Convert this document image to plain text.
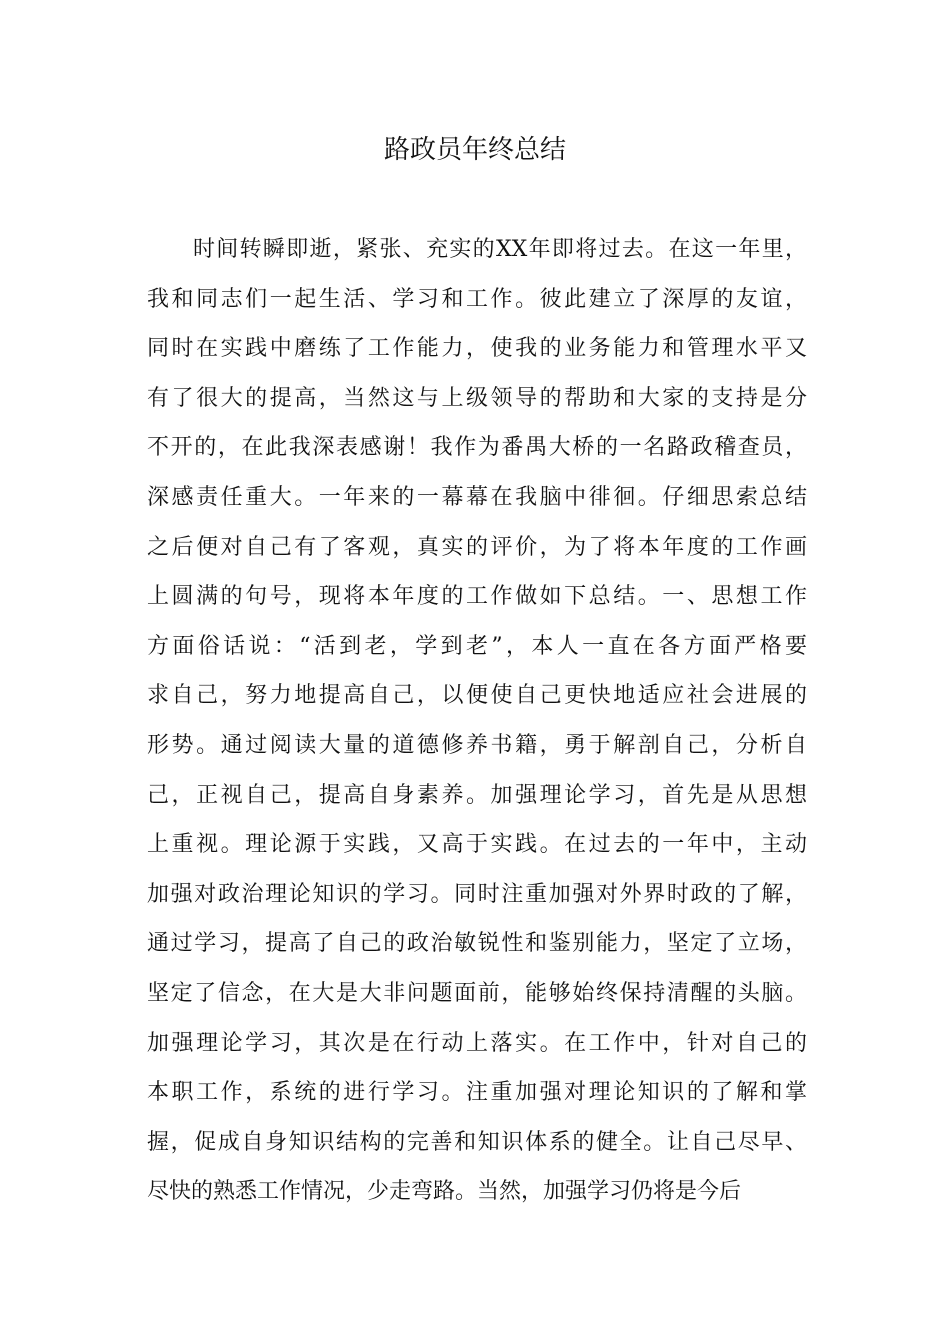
路政员年终总结
时间转瞬即逝，紧张、充实的XX年即将过去。在这一年里，
我和同志们一起生活、学习和工作。彼此建立了深厚的友谊，
同时在实践中磨练了工作能力，使我的业务能力和管理水平又
有了很大的提高，当然这与上级领导的帮助和大家的支持是分
不开的，在此我深表感谢！我作为番禺大桥的一名路政稽查员，
深感责任重大。一年来的一幕幕在我脑中徘徊。仔细思索总结
之后便对自己有了客观，真实的评价，为了将本年度的工作画
上圆满的句号，现将本年度的工作做如下总结。一、思想工作
方面俗话说：“活到老，学到老”，本人一直在各方面严格要
求自己，努力地提高自己，以便使自己更快地适应社会进展的
形势。通过阅读大量的道德修养书籍，勇于解剖自己，分析自
己，正视自己，提高自身素养。加强理论学习，首先是从思想
上重视。理论源于实践，又高于实践。在过去的一年中，主动
加强对政治理论知识的学习。同时注重加强对外界时政的了解，
通过学习，提高了自己的政治敏锐性和鉴别能力，坚定了立场，
坚定了信念，在大是大非问题面前，能够始终保持清醒的头脑。
加强理论学习，其次是在行动上落实。在工作中，针对自己的
本职工作，系统的进行学习。注重加强对理论知识的了解和掌
握，促成自身知识结构的完善和知识体系的健全。让自己尽早、
尽快的熟悉工作情况，少走弯路。当然，加强学习仍将是今后
